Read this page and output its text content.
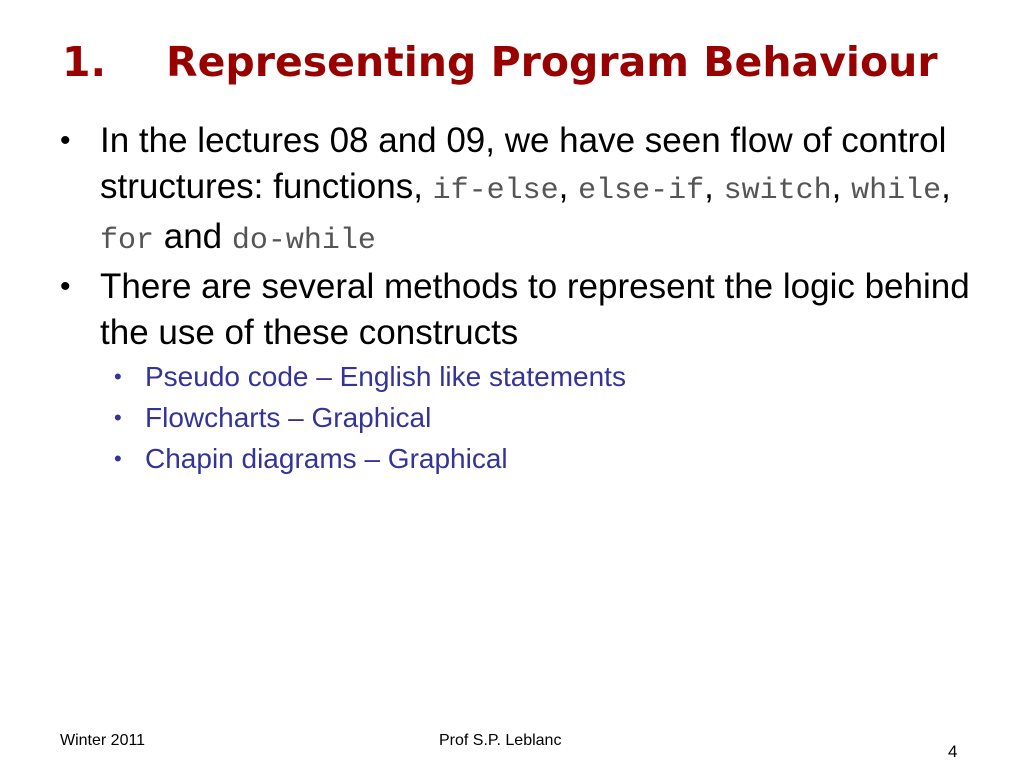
1. Representing Program Behaviour
• In the lectures 08 and 09, we have seen flow of control structures: functions, if-else, else-if, switch, while, for and do-while
• There are several methods to represent the logic behind the use of these constructs
• Pseudo code – English like statements
• Flowcharts – Graphical
• Chapin diagrams – Graphical
Winter 2011	Prof S.P. Leblanc
4
